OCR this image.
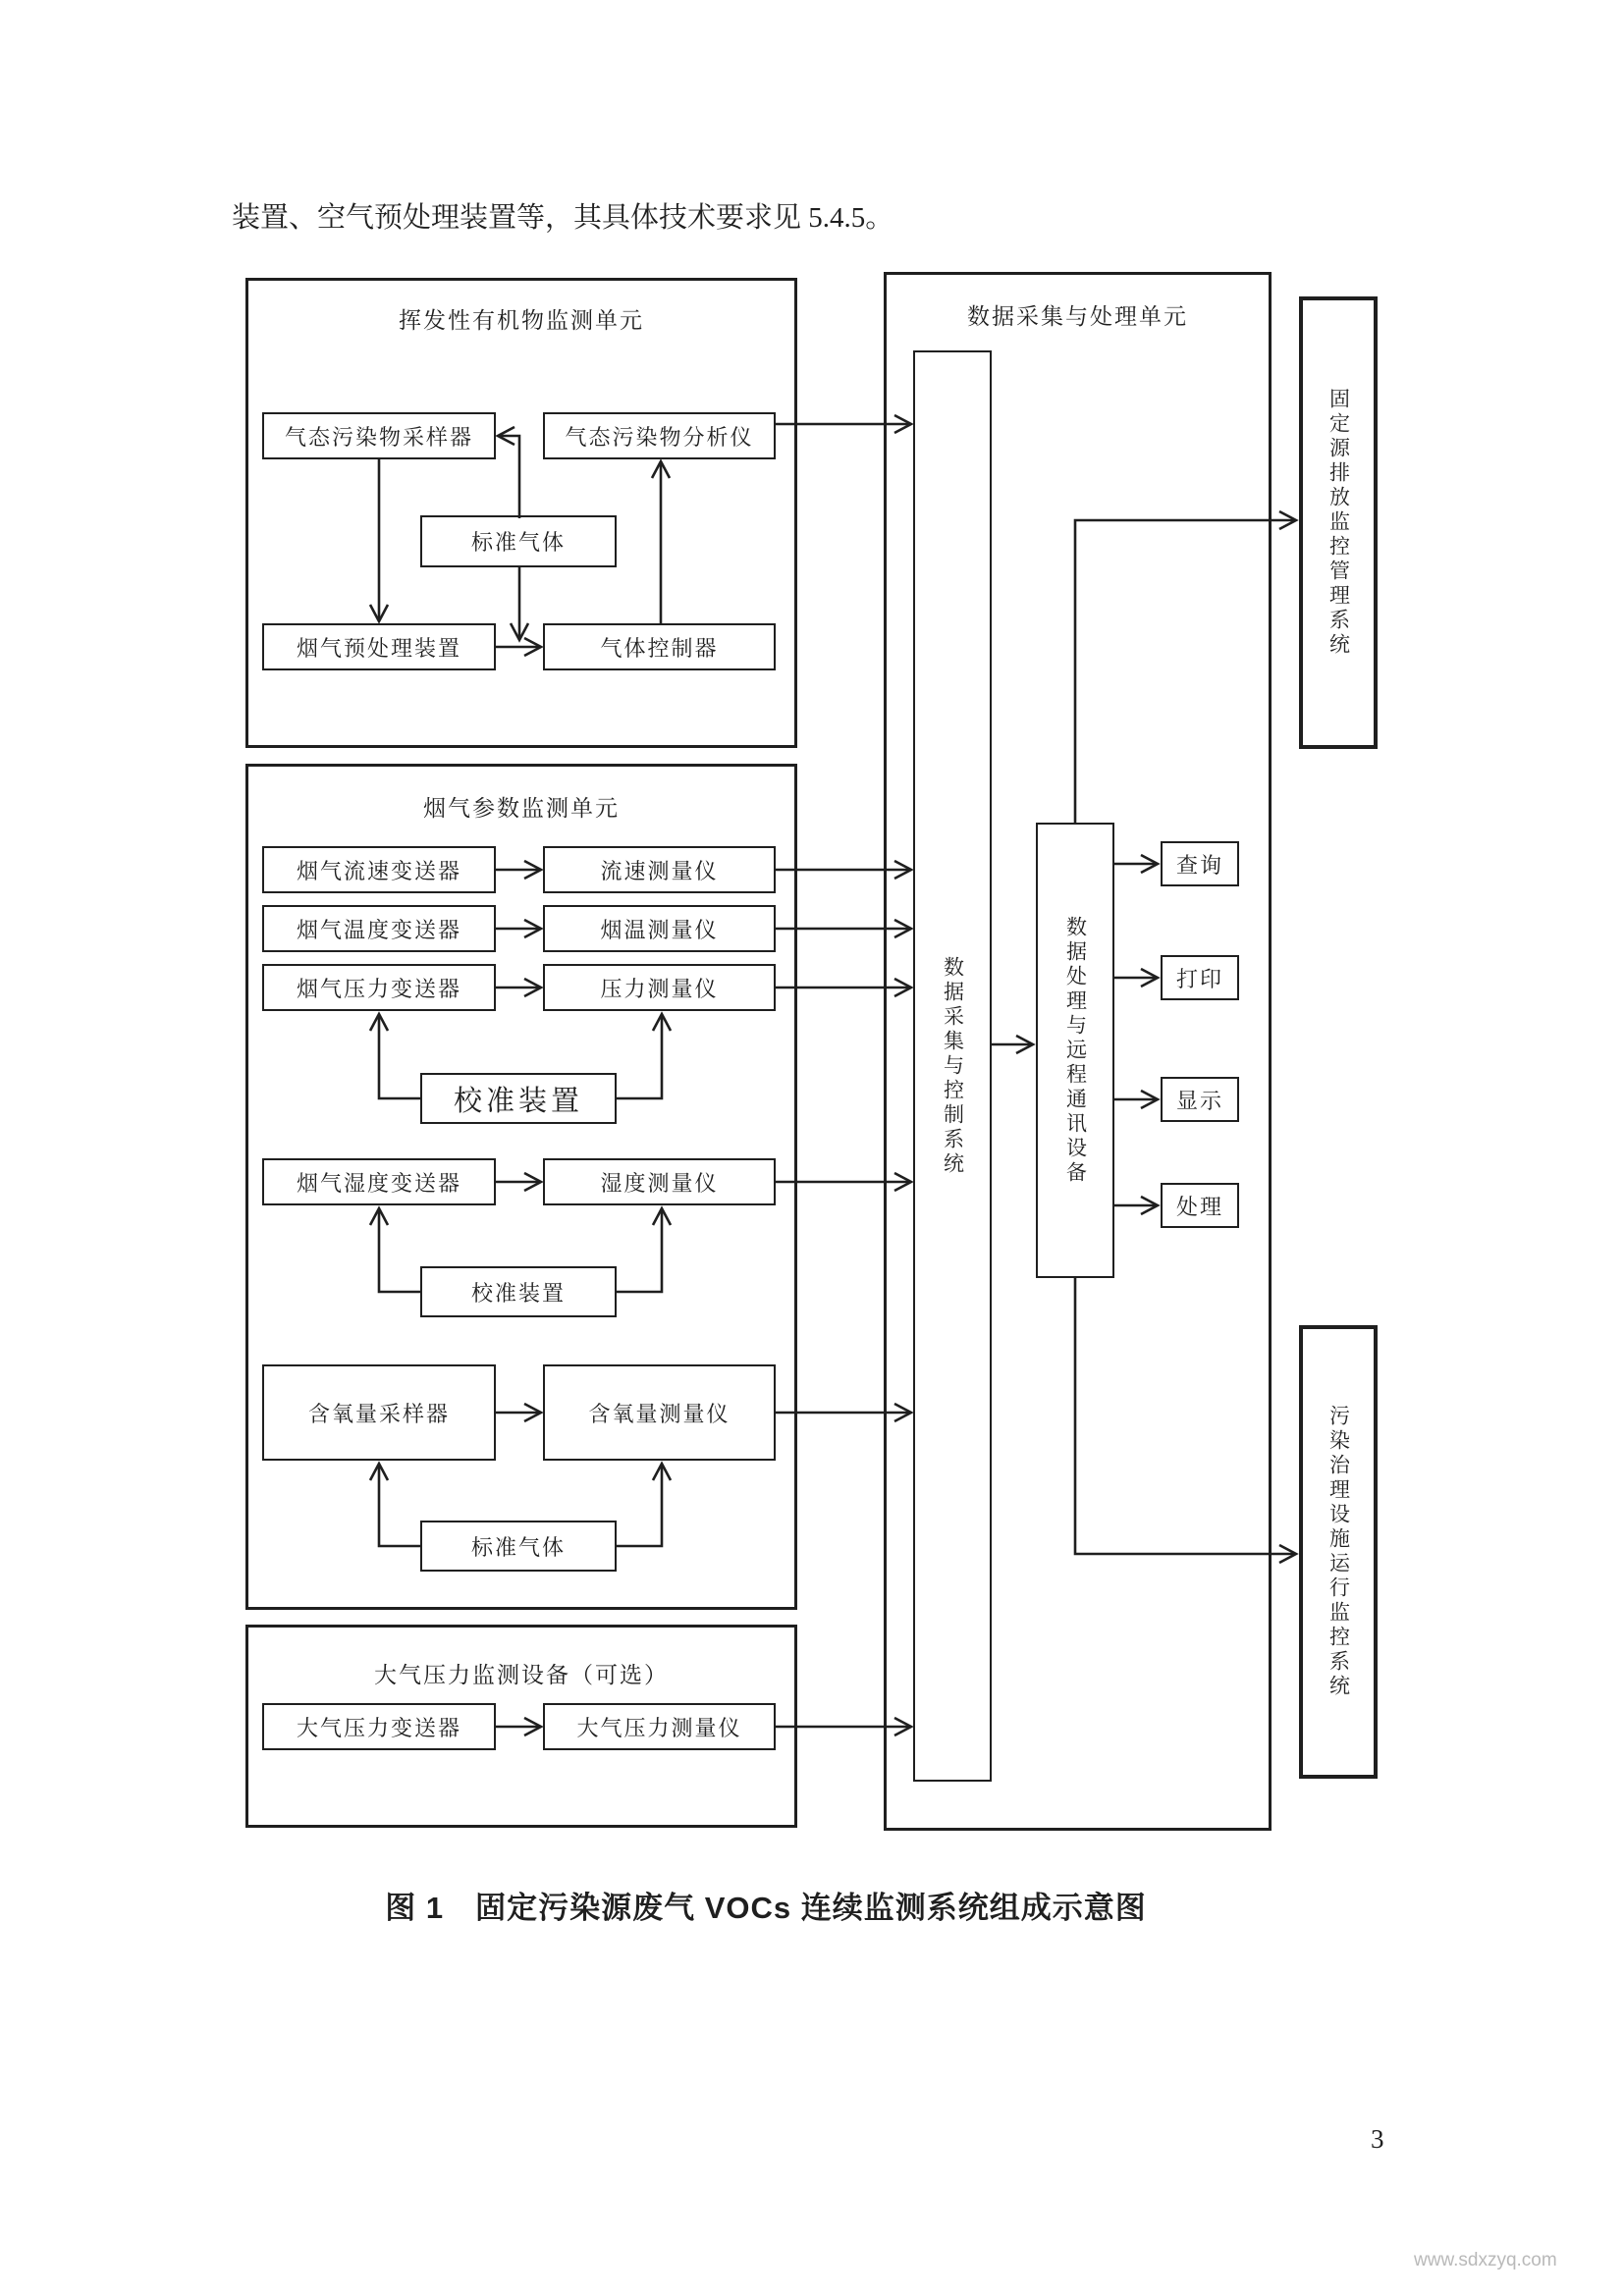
装置、空气预处理装置等，其具体技术要求见 5.4.5。
挥发性有机物监测单元
气态污染物采样器	气态污染物分析仪
标准气体
烟气预处理装置	气体控制器
烟气参数监测单元
烟气流速变送器	流速测量仪
烟气温度变送器	烟温测量仪
烟气压力变送器	压力测量仪
校准装置
烟气湿度变送器	湿度测量仪
校准装置
含氧量采样器	含氧量测量仪
标准气体
大气压力监测设备（可选）
大气压力变送器	大气压力测量仪
数据采集与处理单元
数据采集与控制系统	数据处理与远程通讯设备
查询
打印
显示
处理
固定源排放监控管理系统
污染治理设施运行监控系统
图 1　固定污染源废气 VOCs 连续监测系统组成示意图
3
www.sdxzyq.com
